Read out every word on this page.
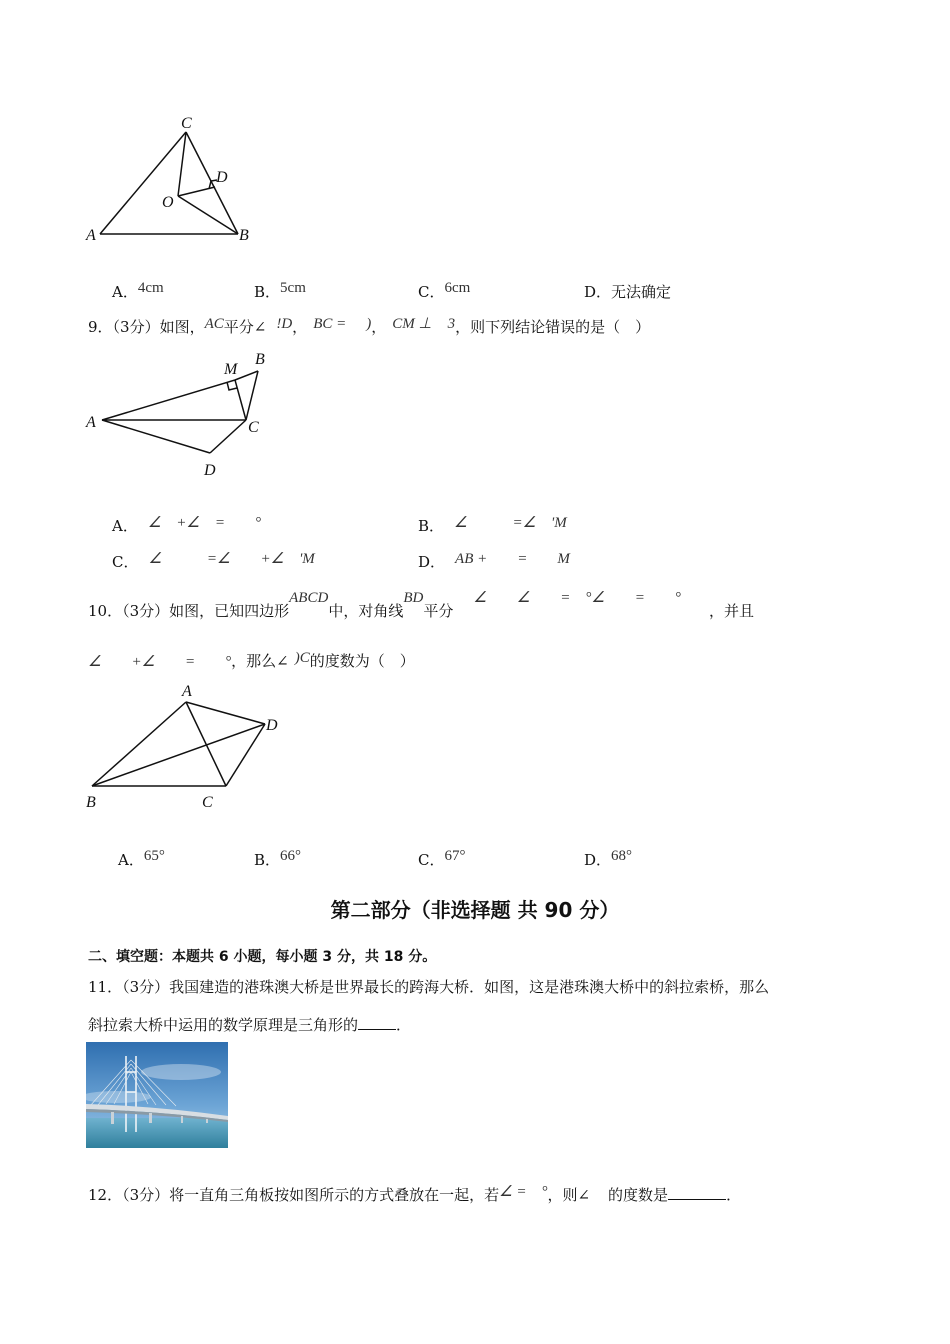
C
D
O
A	B
A．4cm	B．5cm	C．6cm	D．无法确定
9．（3分）如图，AC平分∠ !D， BC = )， CM ⊥ 3，则下列结论错误的是（　）
M
B
A	C
D
A． ∠　+∠　=　　°	B． ∠　　　=∠　'M
C． ∠　　　=∠　　+∠　'M	D． AB +　　=　　M
10．（3分）如图，已知四边形ABCD中，对角线BD平分∠　　∠　　=　°∠　　=　　°，并且
∠　　+∠　　=　　°，那么∠ )C的度数为（　）
A
D
B	C
A．65°	B．66°	C．67°	D．68°
第二部分（非选择题 共 90 分）
二、填空题：本题共 6 小题，每小题 3 分，共 18 分。
11．（3分）我国建造的港珠澳大桥是世界最长的跨海大桥．如图，这是港珠澳大桥中的斜拉索桥，那么
斜拉索大桥中运用的数学原理是三角形的	．
12．（3分）将一直角三角板按如图所示的方式叠放在一起，若∠ =　°，则∠ 的度数是	．
